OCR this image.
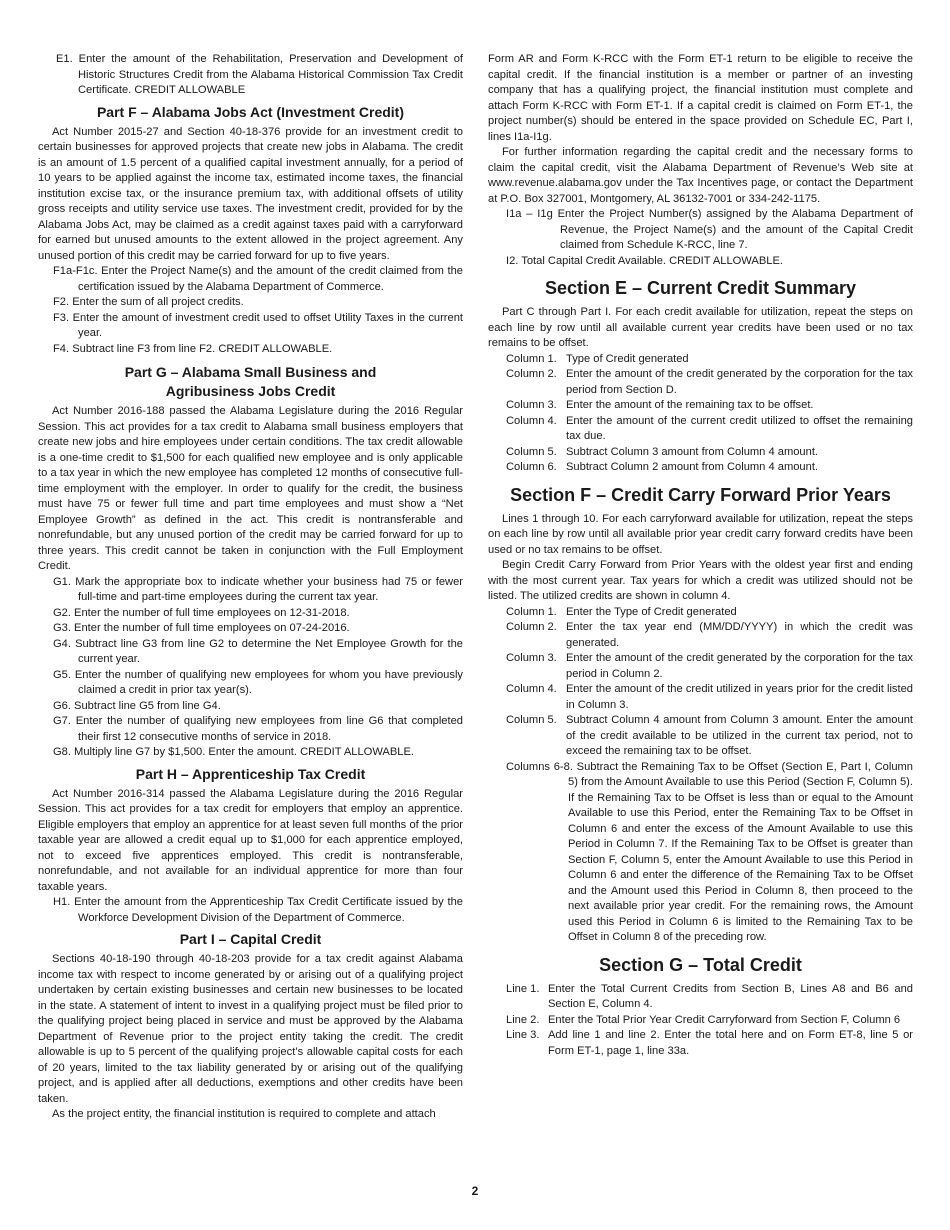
E1. Enter the amount of the Rehabilitation, Preservation and Development of Historic Structures Credit from the Alabama Historical Commission Tax Credit Certificate. CREDIT ALLOWABLE

Part F – Alabama Jobs Act (Investment Credit)

Act Number 2015-27 and Section 40-18-376 provide for an investment credit to certain businesses for approved projects that create new jobs in Alabama. The credit is an amount of 1.5 percent of a qualified capital investment annually, for a period of 10 years to be applied against the income tax, estimated income taxes, the financial institution excise tax, or the insurance premium tax, with additional offsets of utility gross receipts and utility service use taxes. The investment credit, provided for by the Alabama Jobs Act, may be claimed as a credit against taxes paid with a carryforward for earned but unused amounts to the extent allowed in the project agreement. Any unused portion of this credit may be carried forward for up to five years.

F1a-F1c. Enter the Project Name(s) and the amount of the credit claimed from the certification issued by the Alabama Department of Commerce.

F2. Enter the sum of all project credits.

F3. Enter the amount of investment credit used to offset Utility Taxes in the current year.

F4. Subtract line F3 from line F2. CREDIT ALLOWABLE.

Part G – Alabama Small Business and
Agribusiness Jobs Credit

Act Number 2016-188 passed the Alabama Legislature during the 2016 Regular Session. This act provides for a tax credit to Alabama small business employers that create new jobs and hire employees under certain conditions. The tax credit allowable is a one-time credit to $1,500 for each qualified new employee and is only applicable to a tax year in which the new employee has completed 12 months of consecutive full-time employment with the employer. In order to qualify for the credit, the business must have 75 or fewer full time and part time employees and must show a “Net Employee Growth” as defined in the act. This credit is nontransferable and nonrefundable, but any unused portion of the credit may be carried forward for up to three years. This credit cannot be taken in conjunction with the Full Employment Credit.

G1. Mark the appropriate box to indicate whether your business had 75 or fewer full-time and part-time employees during the current tax year.

G2. Enter the number of full time employees on 12-31-2018.

G3. Enter the number of full time employees on 07-24-2016.

G4. Subtract line G3 from line G2 to determine the Net Employee Growth for the current year.

G5. Enter the number of qualifying new employees for whom you have previously claimed a credit in prior tax year(s).

G6. Subtract line G5 from line G4.

G7. Enter the number of qualifying new employees from line G6 that completed their first 12 consecutive months of service in 2018.

G8. Multiply line G7 by $1,500. Enter the amount. CREDIT ALLOWABLE.

Part H – Apprenticeship Tax Credit

Act Number 2016-314 passed the Alabama Legislature during the 2016 Regular Session. This act provides for a tax credit for employers that employ an apprentice. Eligible employers that employ an apprentice for at least seven full months of the prior taxable year are allowed a credit equal up to $1,000 for each apprentice employed, not to exceed five apprentices employed. This credit is nontransferable, nonrefundable, and not available for an individual apprentice for more than four taxable years.

H1. Enter the amount from the Apprenticeship Tax Credit Certificate issued by the Workforce Development Division of the Department of Commerce.

Part I – Capital Credit

Sections 40-18-190 through 40-18-203 provide for a tax credit against Alabama income tax with respect to income generated by or arising out of a qualifying project undertaken by certain existing businesses and certain new businesses to be located in the state. A statement of intent to invest in a qualifying project must be filed prior to the qualifying project being placed in service and must be approved by the Alabama Department of Revenue prior to the project entity taking the credit. The credit allowable is up to 5 percent of the qualifying project’s allowable capital costs for each of 20 years, limited to the tax liability generated by or arising out of the qualifying project, and is applied after all deductions, exemptions and other credits have been taken.

As the project entity, the financial institution is required to complete and attach

Form AR and Form K-RCC with the Form ET-1 return to be eligible to receive the capital credit. If the financial institution is a member or partner of an investing company that has a qualifying project, the financial institution must complete and attach Form K-RCC with Form ET-1. If a capital credit is claimed on Form ET-1, the project number(s) should be entered in the space provided on Schedule EC, Part I, lines I1a-I1g.

For further information regarding the capital credit and the necessary forms to claim the capital credit, visit the Alabama Department of Revenue’s Web site at www.revenue.alabama.gov under the Tax Incentives page, or contact the Department at P.O. Box 327001, Montgomery, AL 36132-7001 or 334-242-1175.

I1a – I1g Enter the Project Number(s) assigned by the Alabama Department of Revenue, the Project Name(s) and the amount of the Capital Credit claimed from Schedule K-RCC, line 7.

I2. Total Capital Credit Available. CREDIT ALLOWABLE.

Section E – Current Credit Summary

Part C through Part I. For each credit available for utilization, repeat the steps on each line by row until all available current year credits have been used or no tax remains to be offset.

Column 1. Type of Credit generated
Column 2. Enter the amount of the credit generated by the corporation for the tax period from Section D.
Column 3. Enter the amount of the remaining tax to be offset.
Column 4. Enter the amount of the current credit utilized to offset the remaining tax due.
Column 5. Subtract Column 3 amount from Column 4 amount.
Column 6. Subtract Column 2 amount from Column 4 amount.
Section F – Credit Carry Forward Prior Years

Lines 1 through 10. For each carryforward available for utilization, repeat the steps on each line by row until all available prior year credit carry forward credits have been used or no tax remains to be offset.

Begin Credit Carry Forward from Prior Years with the oldest year first and ending with the most current year. Tax years for which a credit was utilized should not be listed. The utilized credits are shown in column 4.

Column 1. Enter the Type of Credit generated
Column 2. Enter the tax year end (MM/DD/YYYY) in which the credit was generated.
Column 3. Enter the amount of the credit generated by the corporation for the tax period in Column 2.
Column 4. Enter the amount of the credit utilized in years prior for the credit listed in Column 3.
Column 5. Subtract Column 4 amount from Column 3 amount. Enter the amount of the credit available to be utilized in the current tax period, not to exceed the remaining tax to be offset.

Columns 6-8. Subtract the Remaining Tax to be Offset (Section E, Part I, Column 5) from the Amount Available to use this Period (Section F, Column 5). If the Remaining Tax to be Offset is less than or equal to the Amount Available to use this Period, enter the Remaining Tax to be Offset in Column 6 and enter the excess of the Amount Available to use this Period in Column 7. If the Remaining Tax to be Offset is greater than Section F, Column 5, enter the Amount Available to use this Period in Column 6 and enter the difference of the Remaining Tax to be Offset and the Amount used this Period in Column 8, then proceed to the next available prior year credit. For the remaining rows, the Amount used this Period in Column 6 is limited to the Remaining Tax to be Offset in Column 8 of the preceding row.

Section G – Total Credit
Line 1. Enter the Total Current Credits from Section B, Lines A8 and B6 and Section E, Column 4.
Line 2. Enter the Total Prior Year Credit Carryforward from Section F, Column 6
Line 3. Add line 1 and line 2. Enter the total here and on Form ET-8, line 5 or Form ET-1, page 1, line 33a.
2
